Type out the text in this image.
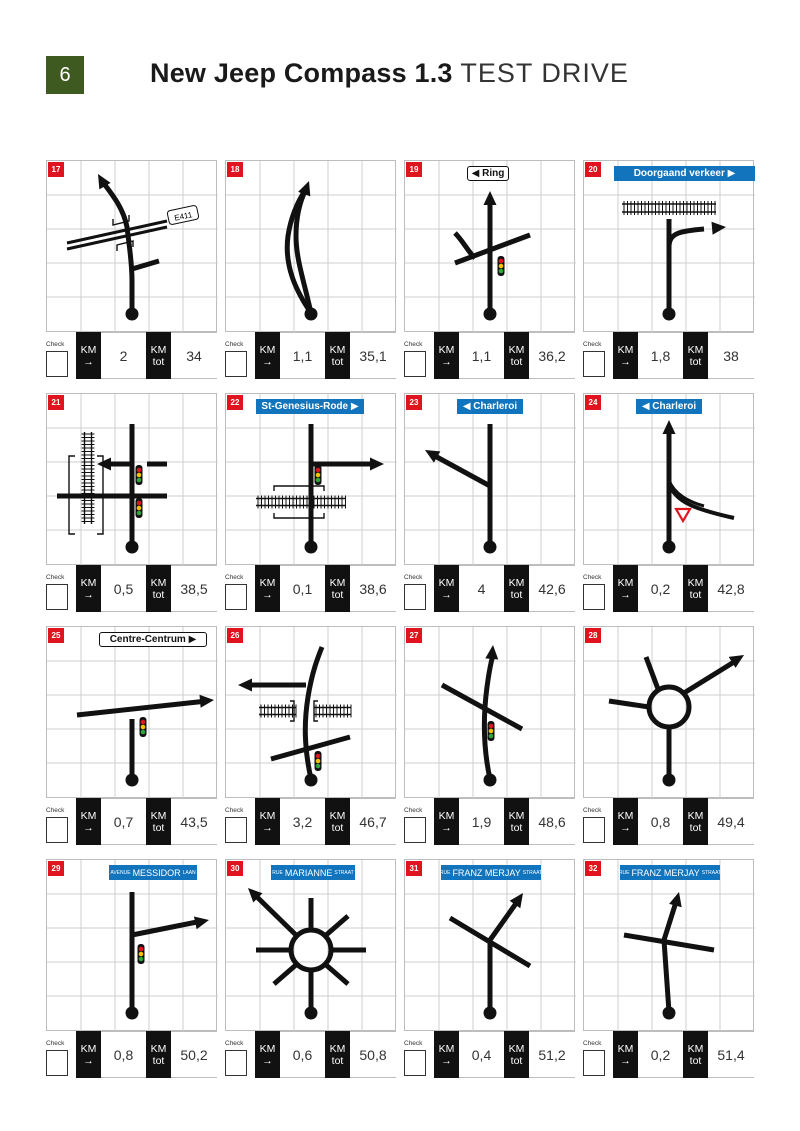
6	New Jeep Compass 1.3 TEST DRIVE
E411
17
Check KM
→	2	KM
tot	34
18
Check KM
→	1,1	KM
tot	35,1
19	◀ Ring
Check KM
→	1,1	KM
tot	36,2
20	Doorgaand verkeer ▶
Check KM
→	1,8	KM
tot	38
21
Check KM
→	0,5	KM
tot	38,5
22	St-Genesius-Rode ▶
Check KM
→	0,1	KM
tot	38,6
23	◀ Charleroi
Check KM
→	4	KM
tot	42,6
24	◀ Charleroi
Check KM
→	0,2	KM
tot	42,8
25	Centre-Centrum ▶
Check KM
→	0,7	KM
tot	43,5
26
Check KM
→	3,2	KM
tot	46,7
27
Check KM
→	1,9	KM
tot	48,6
28
Check KM
→	0,8	KM
tot	49,4
29	AVENUE MESSIDOR LAAN
Check KM
→	0,8	KM
tot	50,2
30	RUE MARIANNE STRAAT
Check KM
→	0,6	KM
tot	50,8
31	RUE FRANZ MERJAY STRAAT
Check KM
→	0,4	KM
tot	51,2
32	RUE FRANZ MERJAY STRAAT
Check KM
→	0,2	KM
tot	51,4
